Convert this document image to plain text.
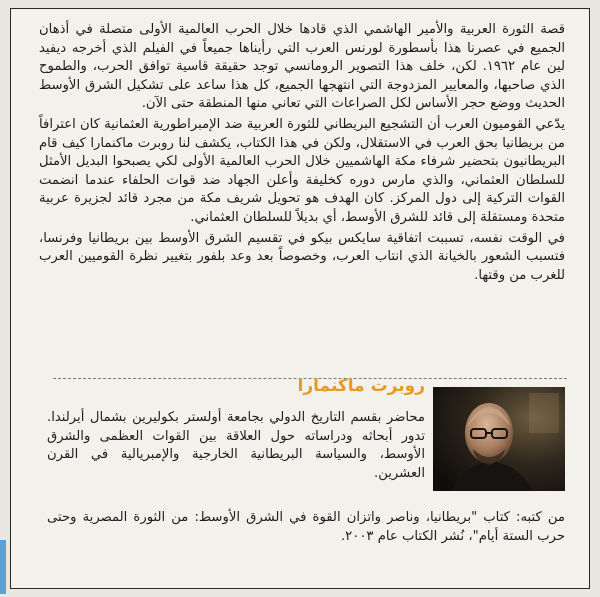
قصة الثورة العربية والأمير الهاشمي الذي قادها خلال الحرب العالمية الأولى متصلة في أذهان الجميع في عصرنا هذا بأسطورة لورنس العرب التي رأيناها جميعاً في الفيلم الذي أخرجه ديفيد لين عام ١٩٦٢. لكن، خلف هذا التصوير الرومانسي توجد حقيقة قاسية توافق الحرب، والطموح الذي صاحبها، والمعايير المزدوجة التي انتهجها الجميع، كل هذا ساعد على تشكيل الشرق الأوسط الحديث ووضع حجر الأساس لكل الصراعات التي تعاني منها المنطقة حتى الآن.

يدّعي القوميون العرب أن التشجيع البريطاني للثورة العربية ضد الإمبراطورية العثمانية كان اعترافاً من بريطانيا بحق العرب في الاستقلال، ولكن في هذا الكتاب، يكشف لنا روبرت ماكنمارا كيف قام البريطانيون بتحضير شرفاء مكة الهاشميين خلال الحرب العالمية الأولى لكي يصبحوا البديل الأمثل للسلطان العثماني، والذي مارس دوره كخليفة وأعلن الجهاد ضد قوات الحلفاء عندما انضمت القوات التركية إلى دول المركز. كان الهدف هو تحويل شريف مكة من مجرد قائد لجزيرة عربية متحدة ومستقلة إلى قائد للشرق الأوسط، أي بديلاً للسلطان العثماني.

في الوقت نفسه، تسببت اتفاقية سايكس بيكو في تقسيم الشرق الأوسط بين بريطانيا وفرنسا، فتسبب الشعور بالخيانة الذي انتاب العرب، وخصوصاً بعد وعد بلفور بتغيير نظرة القوميين العرب للغرب من وقتها.

روبرت ماكنمارا
محاضر بقسم التاريخ الدولي بجامعة أولستر بكوليرين بشمال أيرلندا. تدور أبحاثه ودراساته حول العلاقة بين القوات العظمى والشرق الأوسط، والسياسة البريطانية الخارجية والإمبريالية في القرن العشرين.
من كتبه: كتاب "بريطانيا، وناصر واتزان القوة في الشرق الأوسط: من الثورة المصرية وحتى حرب الستة أيام"، نُشر الكتاب عام ٢٠٠٣.
